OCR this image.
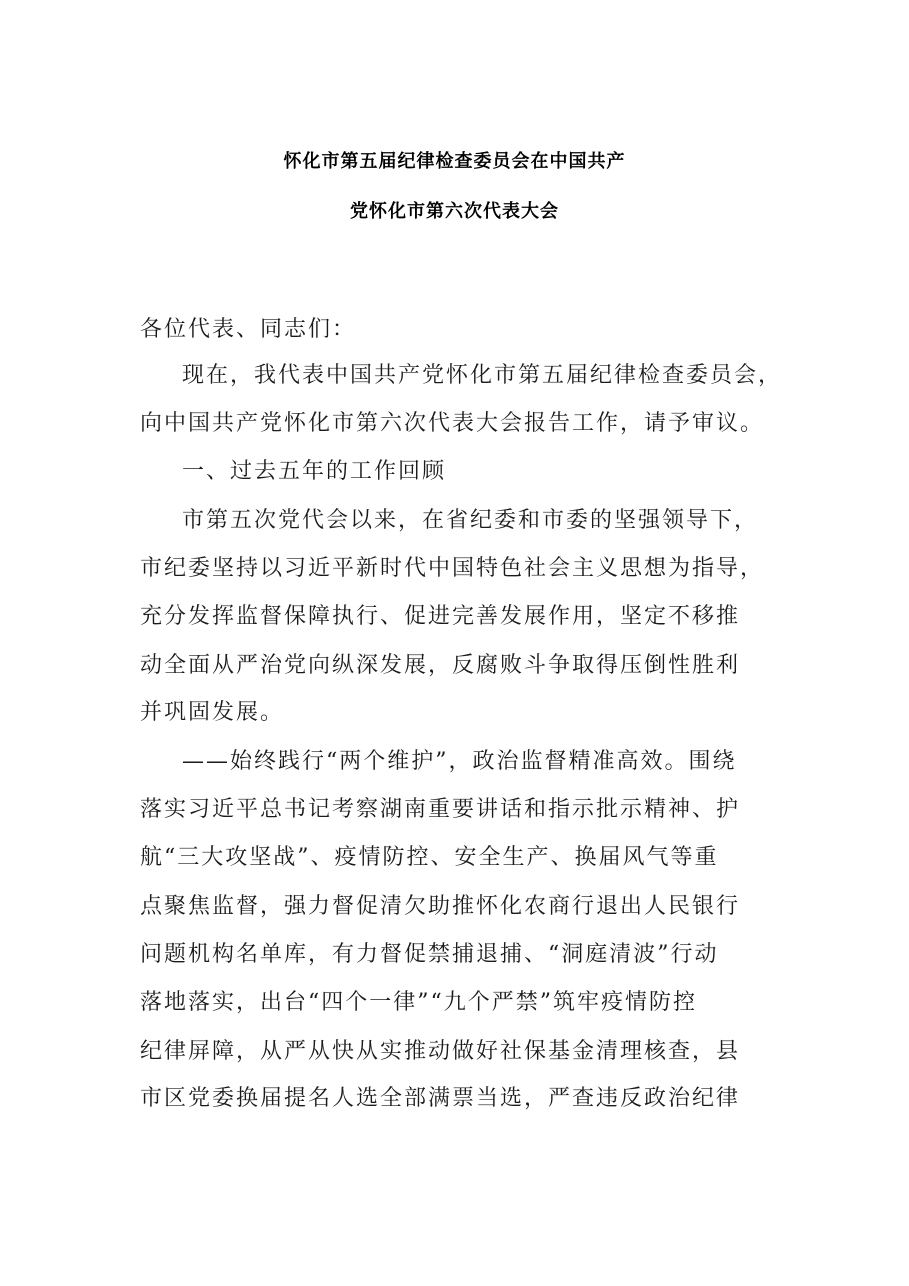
怀化市第五届纪律检查委员会在中国共产
党怀化市第六次代表大会
各位代表、同志们：
现在，我代表中国共产党怀化市第五届纪律检查委员会，
向中国共产党怀化市第六次代表大会报告工作，请予审议。
一、过去五年的工作回顾
市第五次党代会以来，在省纪委和市委的坚强领导下，
市纪委坚持以习近平新时代中国特色社会主义思想为指导，
充分发挥监督保障执行、促进完善发展作用，坚定不移推
动全面从严治党向纵深发展，反腐败斗争取得压倒性胜利
并巩固发展。
——始终践行“两个维护”，政治监督精准高效。围绕
落实习近平总书记考察湖南重要讲话和指示批示精神、护
航“三大攻坚战”、疫情防控、安全生产、换届风气等重
点聚焦监督，强力督促清欠助推怀化农商行退出人民银行
问题机构名单库，有力督促禁捕退捕、“洞庭清波”行动
落地落实，出台“四个一律”“九个严禁”筑牢疫情防控
纪律屏障，从严从快从实推动做好社保基金清理核查，县
市区党委换届提名人选全部满票当选，严查违反政治纪律
